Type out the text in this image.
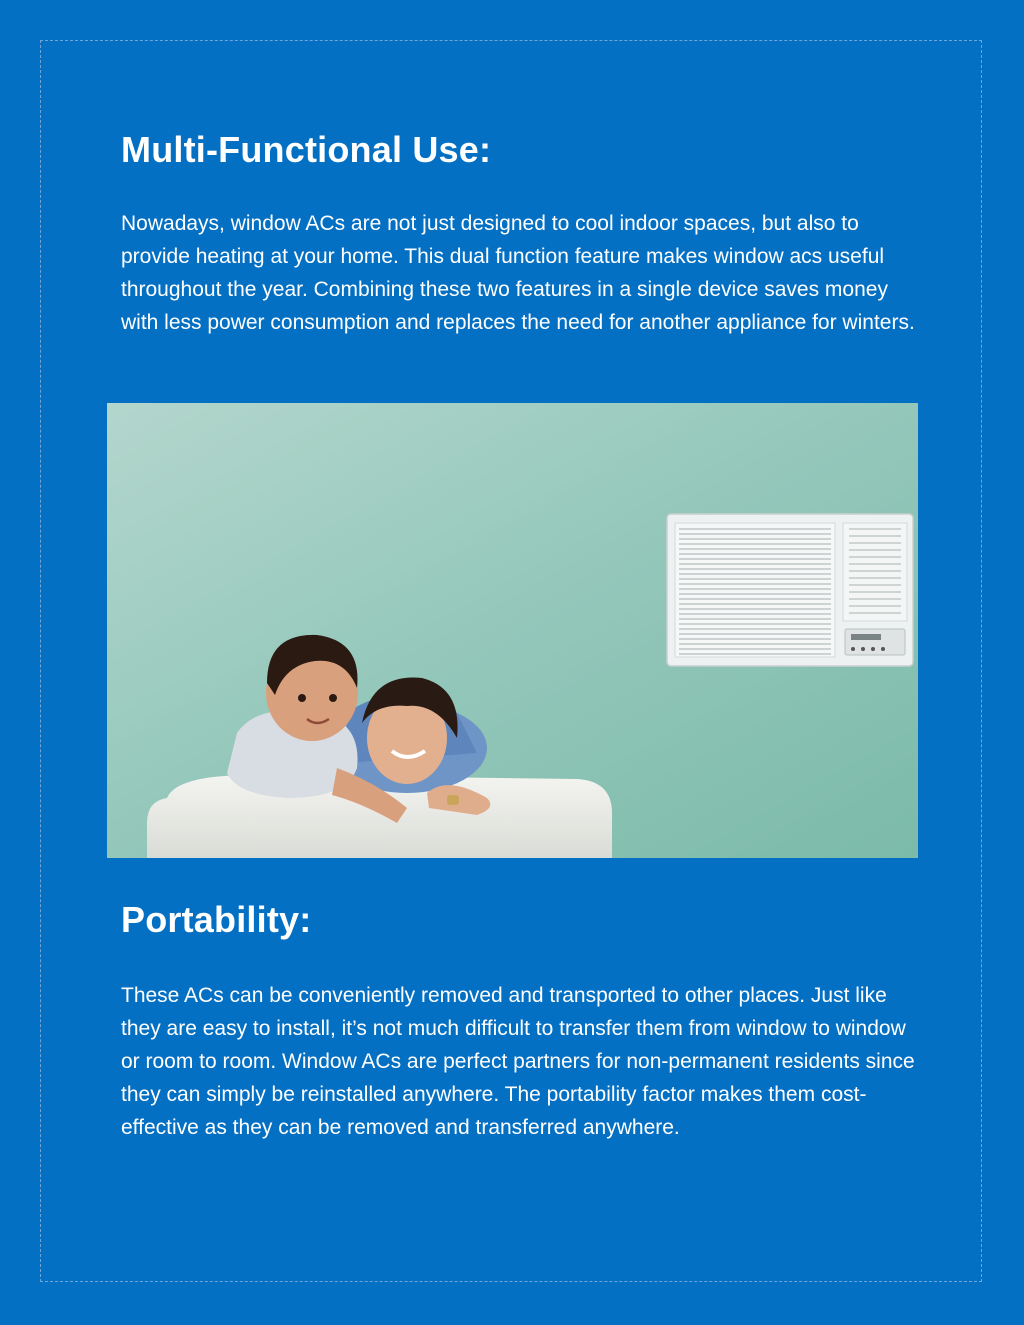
Multi-Functional Use:

Nowadays, window ACs are not just designed to cool indoor spaces, but also to provide heating at your home. This dual function feature makes window acs useful throughout the year. Combining these two features in a single device saves money with less power consumption and replaces the need for another appliance for winters.

Portability:

These ACs can be conveniently removed and transported to other places. Just like they are easy to install, it’s not much difficult to transfer them from window to window or room to room. Window ACs are perfect partners for non-permanent residents since they can simply be reinstalled anywhere. The portability factor makes them cost-effective as they can be removed and transferred anywhere.
